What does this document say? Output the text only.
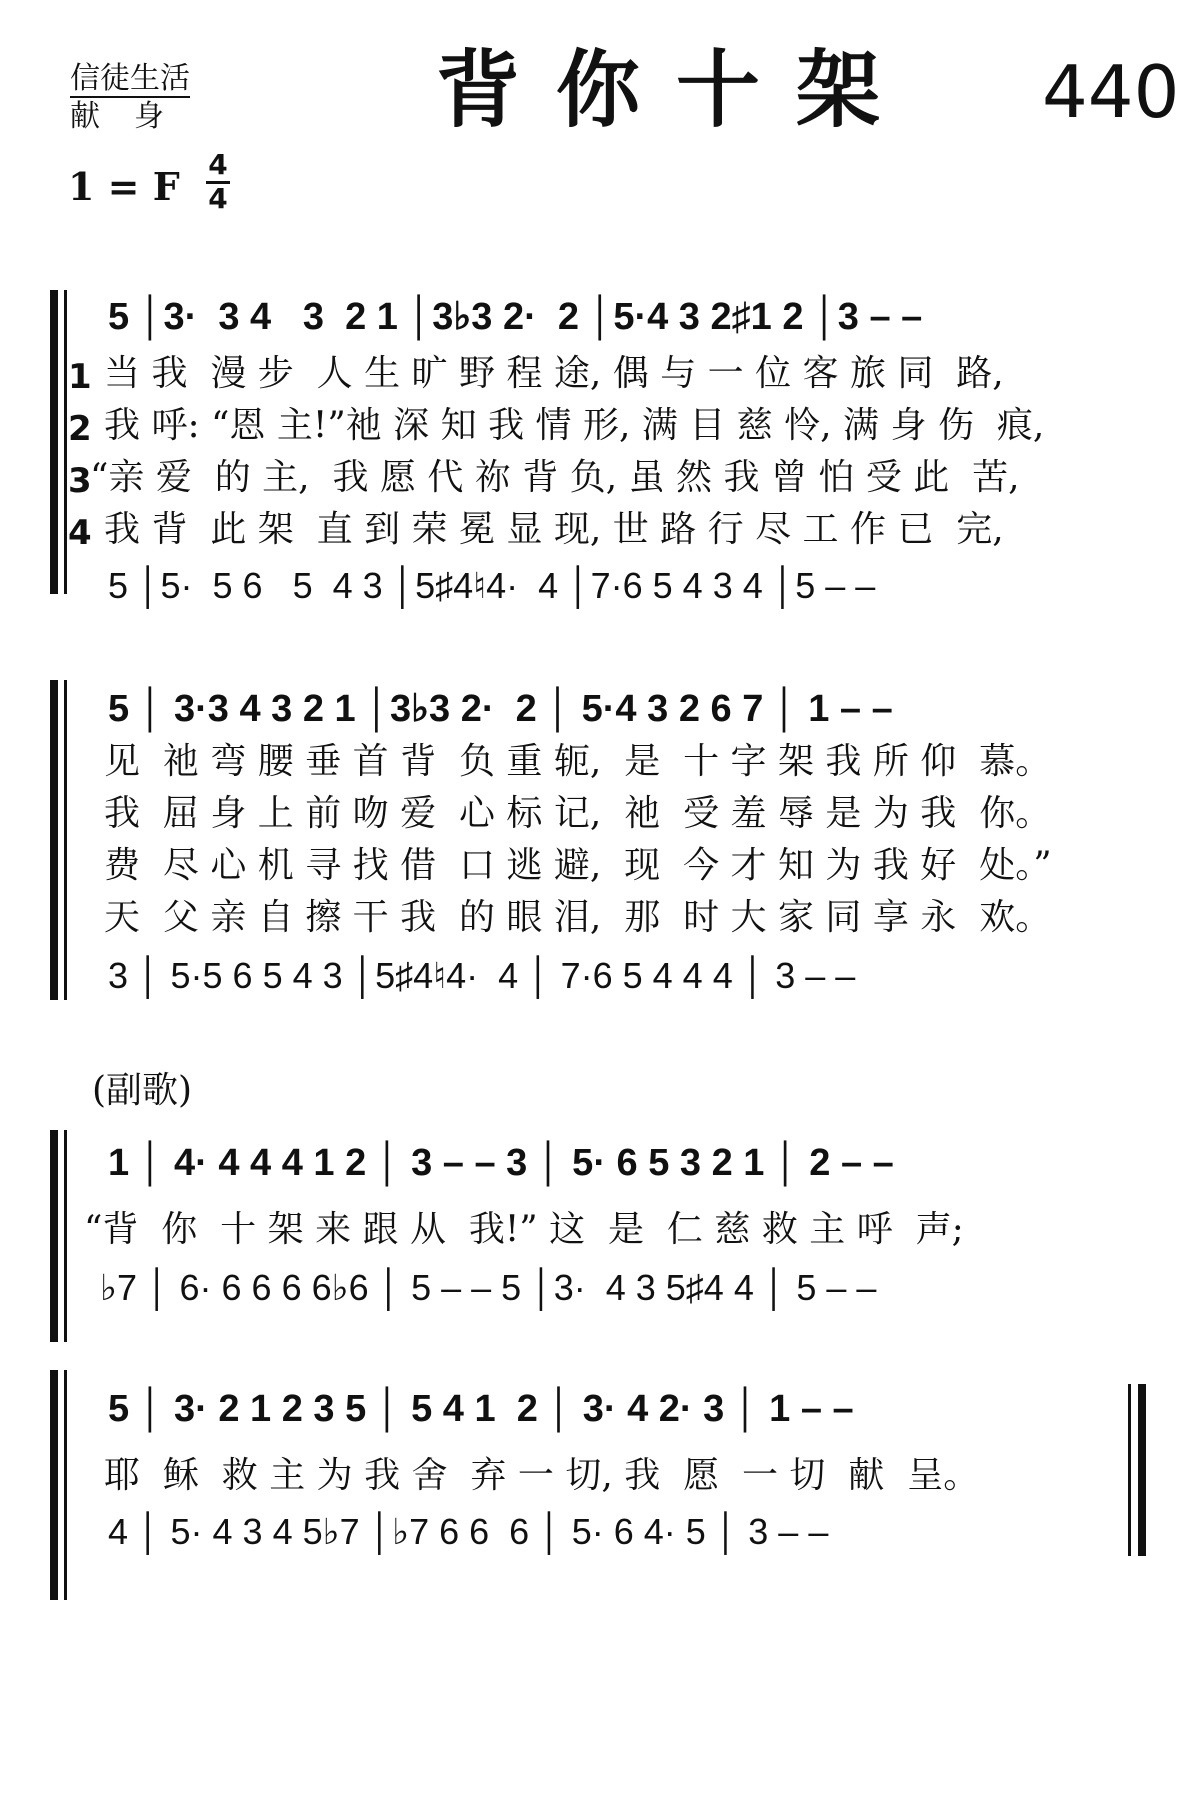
信徒生活
献身	背你十架 440
1 = F $\frac{4}{4}$
5 │3·  3 4   3  2 1 │3♭3 2·  2 │5·4 3 2♯1 2 │3 – –
1 当 我  漫 步  人 生 旷 野 程 途, 偶 与 一 位 客 旅 同  路,
2 我 呼: “恩 主!”祂 深 知 我 情 形, 满 目 慈 怜, 满 身 伤  痕,
3
“亲 爱  的 主,  我 愿 代 祢 背 负, 虽 然 我 曾 怕 受 此  苦,
4 我 背  此 架  直 到 荣 冕 显 现, 世 路 行 尽 工 作 已  完,
5 │5·  5 6   5  4 3 │5♯4♮4·  4 │7·6 5 4 3 4 │5 – –
5 │ 3·3 4 3 2 1 │3♭3 2·  2 │ 5·4 3 2 6 7 │ 1 – –
见  祂 弯 腰 垂 首 背  负 重 轭,  是  十 字 架 我 所 仰  慕。
我  屈 身 上 前 吻 爱  心 标 记,  祂  受 羞 辱 是 为 我  你。
费  尽 心 机 寻 找 借  口 逃 避,  现  今 才 知 为 我 好  处。”
天  父 亲 自 擦 干 我  的 眼 泪,  那  时 大 家 同 享 永  欢。
3 │ 5·5 6 5 4 3 │5♯4♮4·  4 │ 7·6 5 4 4 4 │ 3 – –
(副歌)
1 │ 4· 4 4 4 1 2 │ 3 – – 3 │ 5· 6 5 3 2 1 │ 2 – –
“背  你  十 架 来 跟 从  我!” 这  是  仁 慈 救 主 呼  声;
♭7 │ 6· 6 6 6 6♭6 │ 5 – – 5 │3·  4 3 5♯4 4 │ 5 – –
5 │ 3· 2 1 2 3 5 │ 5 4 1  2 │ 3· 4 2· 3 │ 1 – –
耶  稣  救 主 为 我 舍  弃 一 切, 我  愿  一 切  献  呈。
4 │ 5· 4 3 4 5♭7 │♭7 6 6  6 │ 5· 6 4· 5 │ 3 – –
